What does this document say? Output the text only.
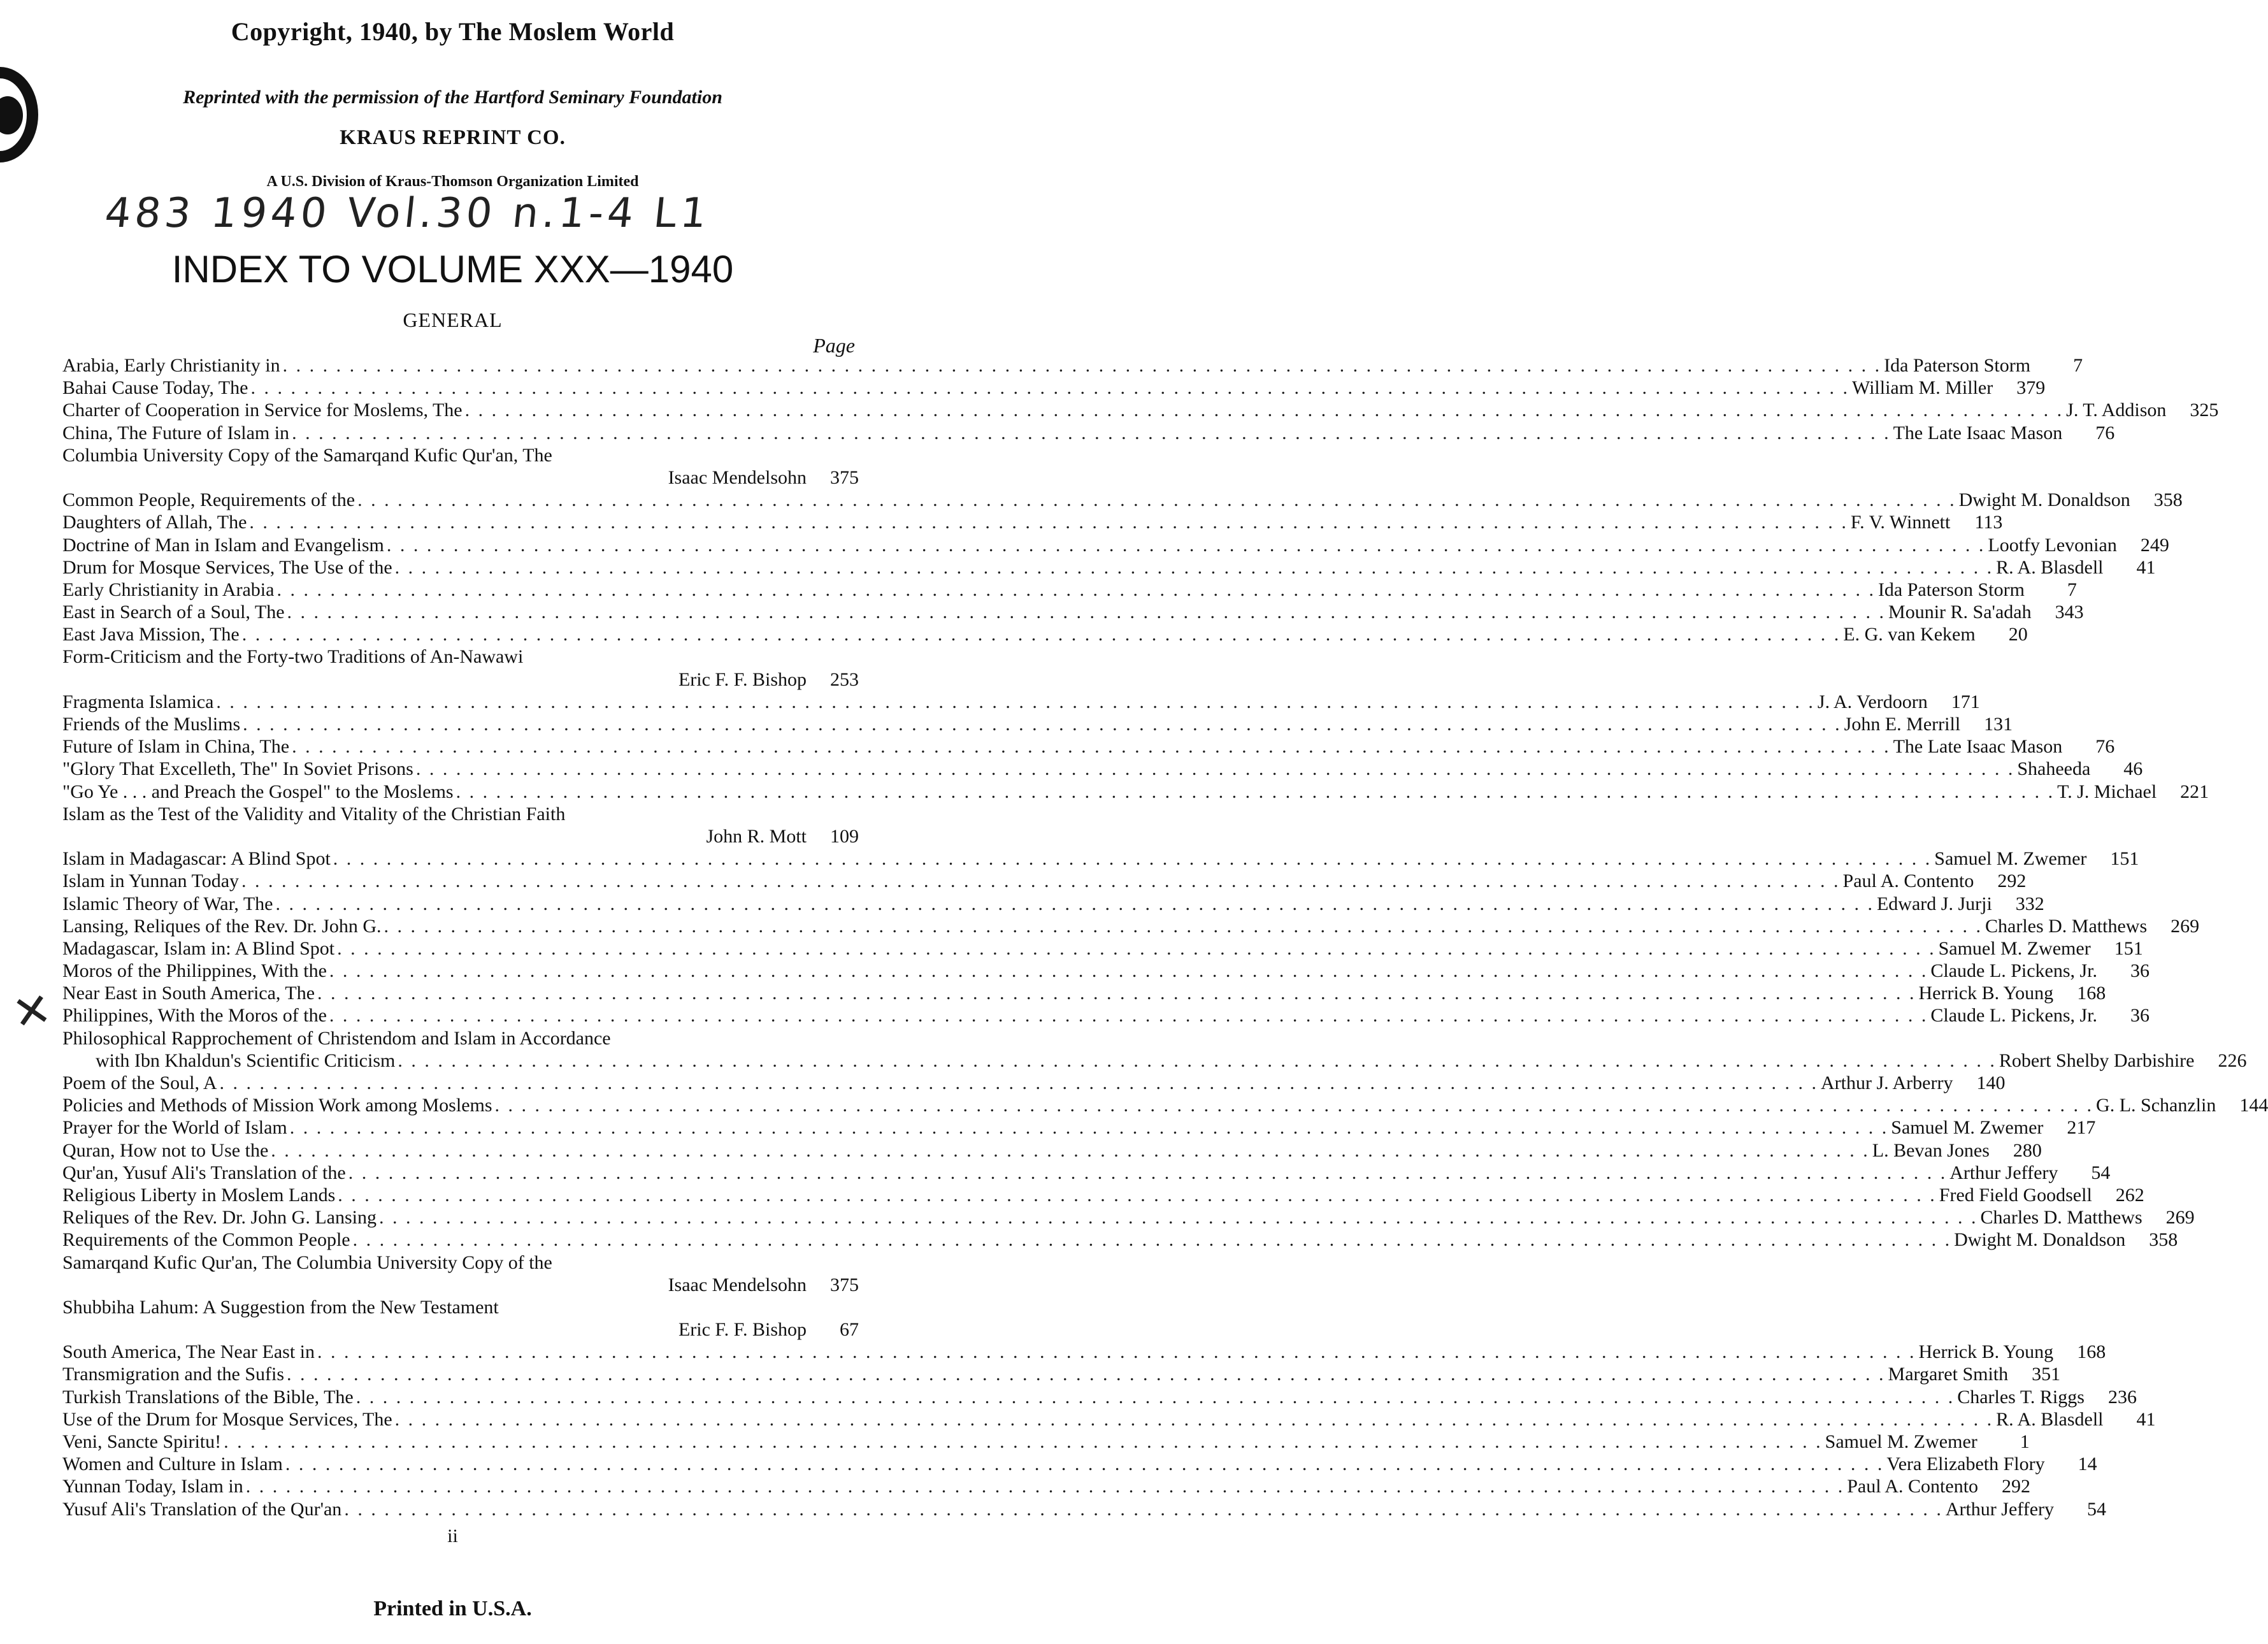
Copyright, 1940, by The Moslem World
Reprinted with the permission of the Hartford Seminary Foundation
KRAUS REPRINT CO.
A U.S. Division of Kraus-Thomson Organization Limited
483 1940 Vol.30 n.1-4 L1
INDEX TO VOLUME XXX—1940
GENERAL
Page
✕
Arabia, Early Christianity in . . . . . . . . . . . . . . . . . . . . . . . . . . . . . . . . . . . . . . . . . . . . . . . . . . . . . . . . . . . . . . . . . . . . . . . . . . . . . . . . . . . . . . . . . . . . . . . . . . . . . . . . . . . . . . . . . . . . . . . . Ida Paterson Storm	7
Bahai Cause Today, The . . . . . . . . . . . . . . . . . . . . . . . . . . . . . . . . . . . . . . . . . . . . . . . . . . . . . . . . . . . . . . . . . . . . . . . . . . . . . . . . . . . . . . . . . . . . . . . . . . . . . . . . . . . . . . . . . . . . . . . . William M. Miller	379
Charter of Cooperation in Service for Moslems, The . . . . . . . . . . . . . . . . . . . . . . . . . . . . . . . . . . . . . . . . . . . . . . . . . . . . . . . . . . . . . . . . . . . . . . . . . . . . . . . . . . . . . . . . . . . . . . . . . . . . . . . . . . . . . . . . . . . . . . . . J. T. Addison	325
China, The Future of Islam in . . . . . . . . . . . . . . . . . . . . . . . . . . . . . . . . . . . . . . . . . . . . . . . . . . . . . . . . . . . . . . . . . . . . . . . . . . . . . . . . . . . . . . . . . . . . . . . . . . . . . . . . . . . . . . . . . . . . . . . . The Late Isaac Mason	76
Columbia University Copy of the Samarqand Kufic Qur'an, The
Isaac Mendelsohn	375
Common People, Requirements of the . . . . . . . . . . . . . . . . . . . . . . . . . . . . . . . . . . . . . . . . . . . . . . . . . . . . . . . . . . . . . . . . . . . . . . . . . . . . . . . . . . . . . . . . . . . . . . . . . . . . . . . . . . . . . . . . . . . . . . . . Dwight M. Donaldson	358
Daughters of Allah, The . . . . . . . . . . . . . . . . . . . . . . . . . . . . . . . . . . . . . . . . . . . . . . . . . . . . . . . . . . . . . . . . . . . . . . . . . . . . . . . . . . . . . . . . . . . . . . . . . . . . . . . . . . . . . . . . . . . . . . . . F. V. Winnett	113
Doctrine of Man in Islam and Evangelism . . . . . . . . . . . . . . . . . . . . . . . . . . . . . . . . . . . . . . . . . . . . . . . . . . . . . . . . . . . . . . . . . . . . . . . . . . . . . . . . . . . . . . . . . . . . . . . . . . . . . . . . . . . . . . . . . . . . . . . . Lootfy Levonian	249
Drum for Mosque Services, The Use of the . . . . . . . . . . . . . . . . . . . . . . . . . . . . . . . . . . . . . . . . . . . . . . . . . . . . . . . . . . . . . . . . . . . . . . . . . . . . . . . . . . . . . . . . . . . . . . . . . . . . . . . . . . . . . . . . . . . . . . . . R. A. Blasdell	41
Early Christianity in Arabia . . . . . . . . . . . . . . . . . . . . . . . . . . . . . . . . . . . . . . . . . . . . . . . . . . . . . . . . . . . . . . . . . . . . . . . . . . . . . . . . . . . . . . . . . . . . . . . . . . . . . . . . . . . . . . . . . . . . . . . . Ida Paterson Storm	7
East in Search of a Soul, The . . . . . . . . . . . . . . . . . . . . . . . . . . . . . . . . . . . . . . . . . . . . . . . . . . . . . . . . . . . . . . . . . . . . . . . . . . . . . . . . . . . . . . . . . . . . . . . . . . . . . . . . . . . . . . . . . . . . . . . . Mounir R. Sa'adah	343
East Java Mission, The . . . . . . . . . . . . . . . . . . . . . . . . . . . . . . . . . . . . . . . . . . . . . . . . . . . . . . . . . . . . . . . . . . . . . . . . . . . . . . . . . . . . . . . . . . . . . . . . . . . . . . . . . . . . . . . . . . . . . . . . E. G. van Kekem	20
Form-Criticism and the Forty-two Traditions of An-Nawawi
Eric F. F. Bishop	253
Fragmenta Islamica . . . . . . . . . . . . . . . . . . . . . . . . . . . . . . . . . . . . . . . . . . . . . . . . . . . . . . . . . . . . . . . . . . . . . . . . . . . . . . . . . . . . . . . . . . . . . . . . . . . . . . . . . . . . . . . . . . . . . . . . J. A. Verdoorn	171
Friends of the Muslims . . . . . . . . . . . . . . . . . . . . . . . . . . . . . . . . . . . . . . . . . . . . . . . . . . . . . . . . . . . . . . . . . . . . . . . . . . . . . . . . . . . . . . . . . . . . . . . . . . . . . . . . . . . . . . . . . . . . . . . . John E. Merrill	131
Future of Islam in China, The . . . . . . . . . . . . . . . . . . . . . . . . . . . . . . . . . . . . . . . . . . . . . . . . . . . . . . . . . . . . . . . . . . . . . . . . . . . . . . . . . . . . . . . . . . . . . . . . . . . . . . . . . . . . . . . . . . . . . . . . The Late Isaac Mason	76
"Glory That Excelleth, The" In Soviet Prisons . . . . . . . . . . . . . . . . . . . . . . . . . . . . . . . . . . . . . . . . . . . . . . . . . . . . . . . . . . . . . . . . . . . . . . . . . . . . . . . . . . . . . . . . . . . . . . . . . . . . . . . . . . . . . . . . . . . . . . . . Shaheeda	46
"Go Ye . . . and Preach the Gospel" to the Moslems . . . . . . . . . . . . . . . . . . . . . . . . . . . . . . . . . . . . . . . . . . . . . . . . . . . . . . . . . . . . . . . . . . . . . . . . . . . . . . . . . . . . . . . . . . . . . . . . . . . . . . . . . . . . . . . . . . . . . . . . T. J. Michael	221
Islam as the Test of the Validity and Vitality of the Christian Faith
John R. Mott	109
Islam in Madagascar: A Blind Spot . . . . . . . . . . . . . . . . . . . . . . . . . . . . . . . . . . . . . . . . . . . . . . . . . . . . . . . . . . . . . . . . . . . . . . . . . . . . . . . . . . . . . . . . . . . . . . . . . . . . . . . . . . . . . . . . . . . . . . . . Samuel M. Zwemer	151
Islam in Yunnan Today . . . . . . . . . . . . . . . . . . . . . . . . . . . . . . . . . . . . . . . . . . . . . . . . . . . . . . . . . . . . . . . . . . . . . . . . . . . . . . . . . . . . . . . . . . . . . . . . . . . . . . . . . . . . . . . . . . . . . . . . Paul A. Contento	292
Islamic Theory of War, The . . . . . . . . . . . . . . . . . . . . . . . . . . . . . . . . . . . . . . . . . . . . . . . . . . . . . . . . . . . . . . . . . . . . . . . . . . . . . . . . . . . . . . . . . . . . . . . . . . . . . . . . . . . . . . . . . . . . . . . . Edward J. Jurji	332
Lansing, Reliques of the Rev. Dr. John G. . . . . . . . . . . . . . . . . . . . . . . . . . . . . . . . . . . . . . . . . . . . . . . . . . . . . . . . . . . . . . . . . . . . . . . . . . . . . . . . . . . . . . . . . . . . . . . . . . . . . . . . . . . . . . . . . . . . . . . . . Charles D. Matthews	269
Madagascar, Islam in: A Blind Spot . . . . . . . . . . . . . . . . . . . . . . . . . . . . . . . . . . . . . . . . . . . . . . . . . . . . . . . . . . . . . . . . . . . . . . . . . . . . . . . . . . . . . . . . . . . . . . . . . . . . . . . . . . . . . . . . . . . . . . . . Samuel M. Zwemer	151
Moros of the Philippines, With the . . . . . . . . . . . . . . . . . . . . . . . . . . . . . . . . . . . . . . . . . . . . . . . . . . . . . . . . . . . . . . . . . . . . . . . . . . . . . . . . . . . . . . . . . . . . . . . . . . . . . . . . . . . . . . . . . . . . . . . . Claude L. Pickens, Jr.	36
Near East in South America, The . . . . . . . . . . . . . . . . . . . . . . . . . . . . . . . . . . . . . . . . . . . . . . . . . . . . . . . . . . . . . . . . . . . . . . . . . . . . . . . . . . . . . . . . . . . . . . . . . . . . . . . . . . . . . . . . . . . . . . . . Herrick B. Young	168
Philippines, With the Moros of the . . . . . . . . . . . . . . . . . . . . . . . . . . . . . . . . . . . . . . . . . . . . . . . . . . . . . . . . . . . . . . . . . . . . . . . . . . . . . . . . . . . . . . . . . . . . . . . . . . . . . . . . . . . . . . . . . . . . . . . . Claude L. Pickens, Jr.	36
Philosophical Rapprochement of Christendom and Islam in Accordance
with Ibn Khaldun's Scientific Criticism . . . . . . . . . . . . . . . . . . . . . . . . . . . . . . . . . . . . . . . . . . . . . . . . . . . . . . . . . . . . . . . . . . . . . . . . . . . . . . . . . . . . . . . . . . . . . . . . . . . . . . . . . . . . . . . . . . . . . . . . Robert Shelby Darbishire	226
Poem of the Soul, A . . . . . . . . . . . . . . . . . . . . . . . . . . . . . . . . . . . . . . . . . . . . . . . . . . . . . . . . . . . . . . . . . . . . . . . . . . . . . . . . . . . . . . . . . . . . . . . . . . . . . . . . . . . . . . . . . . . . . . . . Arthur J. Arberry	140
Policies and Methods of Mission Work among Moslems . . . . . . . . . . . . . . . . . . . . . . . . . . . . . . . . . . . . . . . . . . . . . . . . . . . . . . . . . . . . . . . . . . . . . . . . . . . . . . . . . . . . . . . . . . . . . . . . . . . . . . . . . . . . . . . . . . . . . . . . G. L. Schanzlin	144
Prayer for the World of Islam . . . . . . . . . . . . . . . . . . . . . . . . . . . . . . . . . . . . . . . . . . . . . . . . . . . . . . . . . . . . . . . . . . . . . . . . . . . . . . . . . . . . . . . . . . . . . . . . . . . . . . . . . . . . . . . . . . . . . . . . Samuel M. Zwemer	217
Quran, How not to Use the . . . . . . . . . . . . . . . . . . . . . . . . . . . . . . . . . . . . . . . . . . . . . . . . . . . . . . . . . . . . . . . . . . . . . . . . . . . . . . . . . . . . . . . . . . . . . . . . . . . . . . . . . . . . . . . . . . . . . . . . L. Bevan Jones	280
Qur'an, Yusuf Ali's Translation of the . . . . . . . . . . . . . . . . . . . . . . . . . . . . . . . . . . . . . . . . . . . . . . . . . . . . . . . . . . . . . . . . . . . . . . . . . . . . . . . . . . . . . . . . . . . . . . . . . . . . . . . . . . . . . . . . . . . . . . . . Arthur Jeffery	54
Religious Liberty in Moslem Lands . . . . . . . . . . . . . . . . . . . . . . . . . . . . . . . . . . . . . . . . . . . . . . . . . . . . . . . . . . . . . . . . . . . . . . . . . . . . . . . . . . . . . . . . . . . . . . . . . . . . . . . . . . . . . . . . . . . . . . . . Fred Field Goodsell	262
Reliques of the Rev. Dr. John G. Lansing . . . . . . . . . . . . . . . . . . . . . . . . . . . . . . . . . . . . . . . . . . . . . . . . . . . . . . . . . . . . . . . . . . . . . . . . . . . . . . . . . . . . . . . . . . . . . . . . . . . . . . . . . . . . . . . . . . . . . . . . Charles D. Matthews	269
Requirements of the Common People . . . . . . . . . . . . . . . . . . . . . . . . . . . . . . . . . . . . . . . . . . . . . . . . . . . . . . . . . . . . . . . . . . . . . . . . . . . . . . . . . . . . . . . . . . . . . . . . . . . . . . . . . . . . . . . . . . . . . . . . Dwight M. Donaldson	358
Samarqand Kufic Qur'an, The Columbia University Copy of the
Isaac Mendelsohn	375
Shubbiha Lahum: A Suggestion from the New Testament
Eric F. F. Bishop	67
South America, The Near East in . . . . . . . . . . . . . . . . . . . . . . . . . . . . . . . . . . . . . . . . . . . . . . . . . . . . . . . . . . . . . . . . . . . . . . . . . . . . . . . . . . . . . . . . . . . . . . . . . . . . . . . . . . . . . . . . . . . . . . . . Herrick B. Young	168
Transmigration and the Sufis . . . . . . . . . . . . . . . . . . . . . . . . . . . . . . . . . . . . . . . . . . . . . . . . . . . . . . . . . . . . . . . . . . . . . . . . . . . . . . . . . . . . . . . . . . . . . . . . . . . . . . . . . . . . . . . . . . . . . . . . Margaret Smith	351
Turkish Translations of the Bible, The . . . . . . . . . . . . . . . . . . . . . . . . . . . . . . . . . . . . . . . . . . . . . . . . . . . . . . . . . . . . . . . . . . . . . . . . . . . . . . . . . . . . . . . . . . . . . . . . . . . . . . . . . . . . . . . . . . . . . . . . Charles T. Riggs	236
Use of the Drum for Mosque Services, The . . . . . . . . . . . . . . . . . . . . . . . . . . . . . . . . . . . . . . . . . . . . . . . . . . . . . . . . . . . . . . . . . . . . . . . . . . . . . . . . . . . . . . . . . . . . . . . . . . . . . . . . . . . . . . . . . . . . . . . . R. A. Blasdell	41
Veni, Sancte Spiritu! . . . . . . . . . . . . . . . . . . . . . . . . . . . . . . . . . . . . . . . . . . . . . . . . . . . . . . . . . . . . . . . . . . . . . . . . . . . . . . . . . . . . . . . . . . . . . . . . . . . . . . . . . . . . . . . . . . . . . . . . Samuel M. Zwemer	1
Women and Culture in Islam . . . . . . . . . . . . . . . . . . . . . . . . . . . . . . . . . . . . . . . . . . . . . . . . . . . . . . . . . . . . . . . . . . . . . . . . . . . . . . . . . . . . . . . . . . . . . . . . . . . . . . . . . . . . . . . . . . . . . . . . Vera Elizabeth Flory	14
Yunnan Today, Islam in . . . . . . . . . . . . . . . . . . . . . . . . . . . . . . . . . . . . . . . . . . . . . . . . . . . . . . . . . . . . . . . . . . . . . . . . . . . . . . . . . . . . . . . . . . . . . . . . . . . . . . . . . . . . . . . . . . . . . . . . Paul A. Contento	292
Yusuf Ali's Translation of the Qur'an . . . . . . . . . . . . . . . . . . . . . . . . . . . . . . . . . . . . . . . . . . . . . . . . . . . . . . . . . . . . . . . . . . . . . . . . . . . . . . . . . . . . . . . . . . . . . . . . . . . . . . . . . . . . . . . . . . . . . . . . Arthur Jeffery	54
ii
Printed in U.S.A.
